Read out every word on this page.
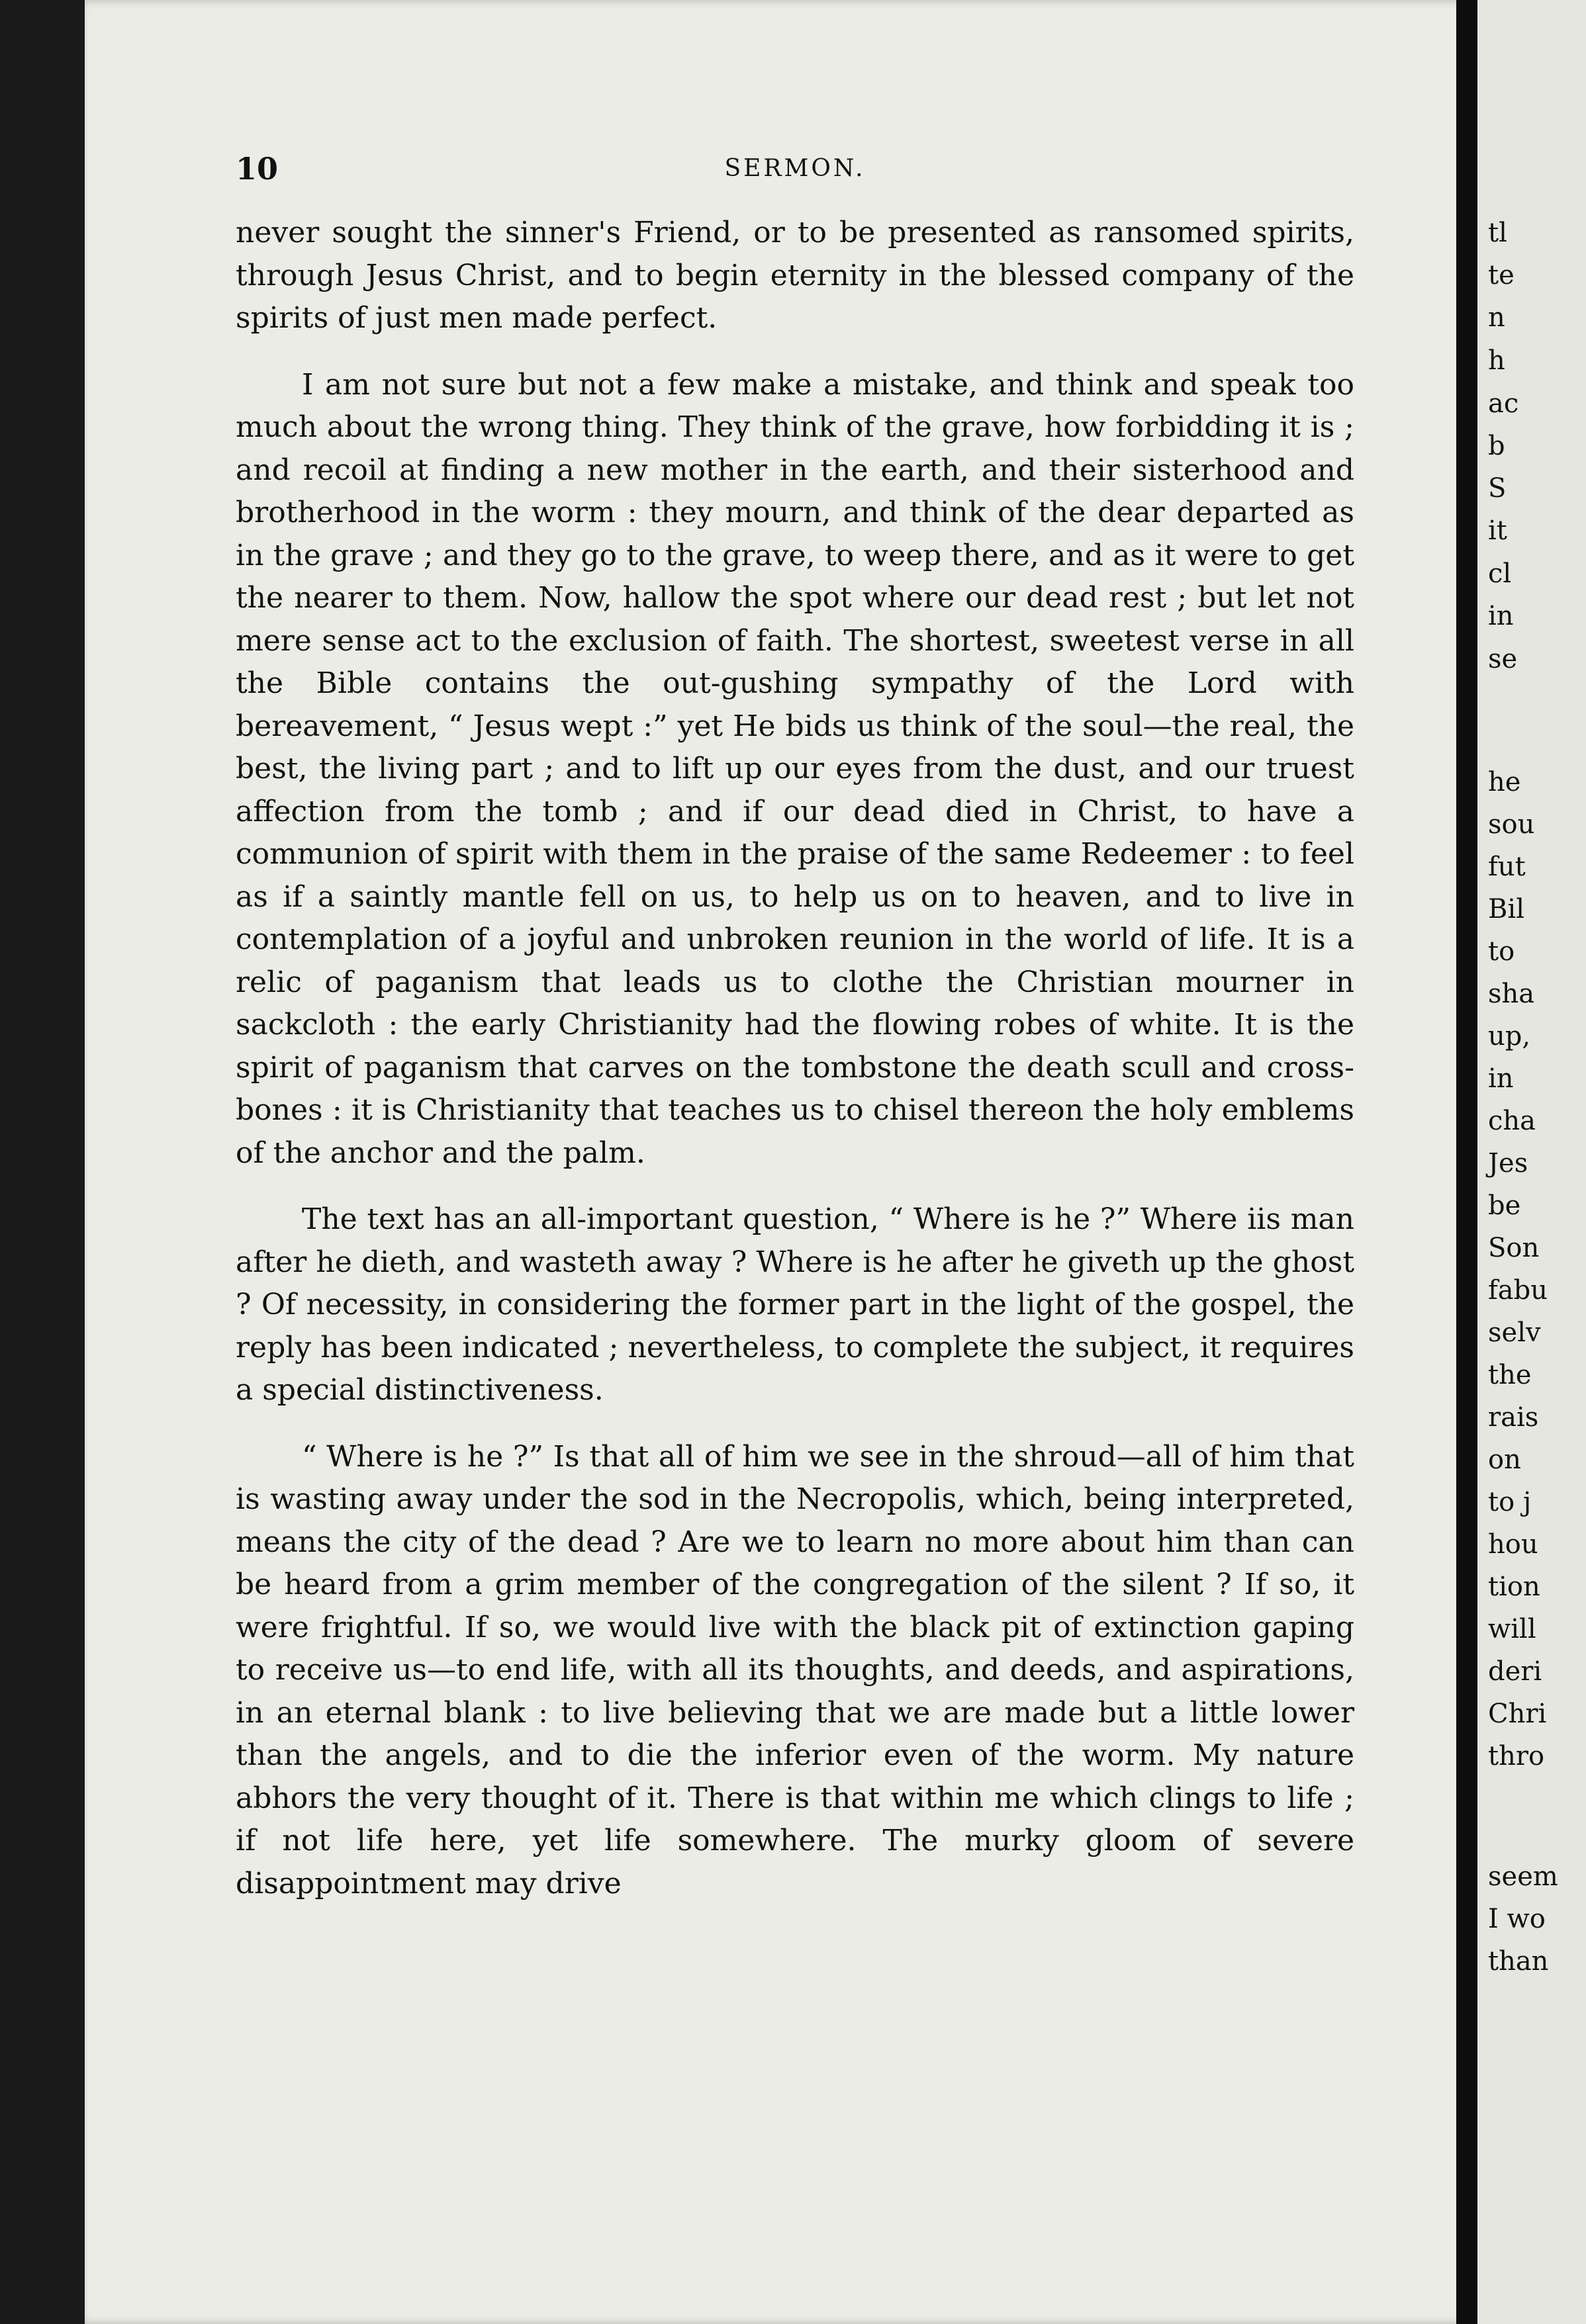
10	SERMON.

never sought the sinner's Friend, or to be presented as ransomed spirits, through Jesus Christ, and to begin eternity in the blessed company of the spirits of just men made perfect.

I am not sure but not a few make a mistake, and think and speak too much about the wrong thing. They think of the grave, how forbidding it is ; and recoil at finding a new mother in the earth, and their sisterhood and brotherhood in the worm : they mourn, and think of the dear departed as in the grave ; and they go to the grave, to weep there, and as it were to get the nearer to them. Now, hallow the spot where our dead rest ; but let not mere sense act to the exclusion of faith. The shortest, sweetest verse in all the Bible contains the out-gushing sympathy of the Lord with bereavement, “ Jesus wept :” yet He bids us think of the soul—the real, the best, the living part ; and to lift up our eyes from the dust, and our truest affection from the tomb ; and if our dead died in Christ, to have a communion of spirit with them in the praise of the same Redeemer : to feel as if a saintly mantle fell on us, to help us on to heaven, and to live in contemplation of a joyful and unbroken reunion in the world of life. It is a relic of paganism that leads us to clothe the Christian mourner in sackcloth : the early Christianity had the flowing robes of white. It is the spirit of paganism that carves on the tombstone the death scull and cross-bones : it is Christianity that teaches us to chisel thereon the holy emblems of the anchor and the palm.

The text has an all-important question, “ Where is he ?” Where iis man after he dieth, and wasteth away ? Where is he after he giveth up the ghost ? Of necessity, in considering the former part in the light of the gospel, the reply has been indicated ; nevertheless, to complete the subject, it requires a special distinctiveness.

“ Where is he ?” Is that all of him we see in the shroud—all of him that is wasting away under the sod in the Necropolis, which, being interpreted, means the city of the dead ? Are we to learn no more about him than can be heard from a grim member of the congregation of the silent ? If so, it were frightful. If so, we would live with the black pit of extinction gaping to receive us—to end life, with all its thoughts, and deeds, and aspirations, in an eternal blank : to live believing that we are made but a little lower than the angels, and to die the inferior even of the worm. My nature abhors the very thought of it. There is that within me which clings to life ; if not life here, yet life somewhere. The murky gloom of severe disappointment may drive

tl
te
n
h
ac
b
S
it
cl
in
se
he
sou
fut
Bil
to
sha
up,
in
cha
Jes
be
Son
fabu
selv
the
rais
on
to j
hou
tion
will
deri
Chri
thro
seem
I wo
than
